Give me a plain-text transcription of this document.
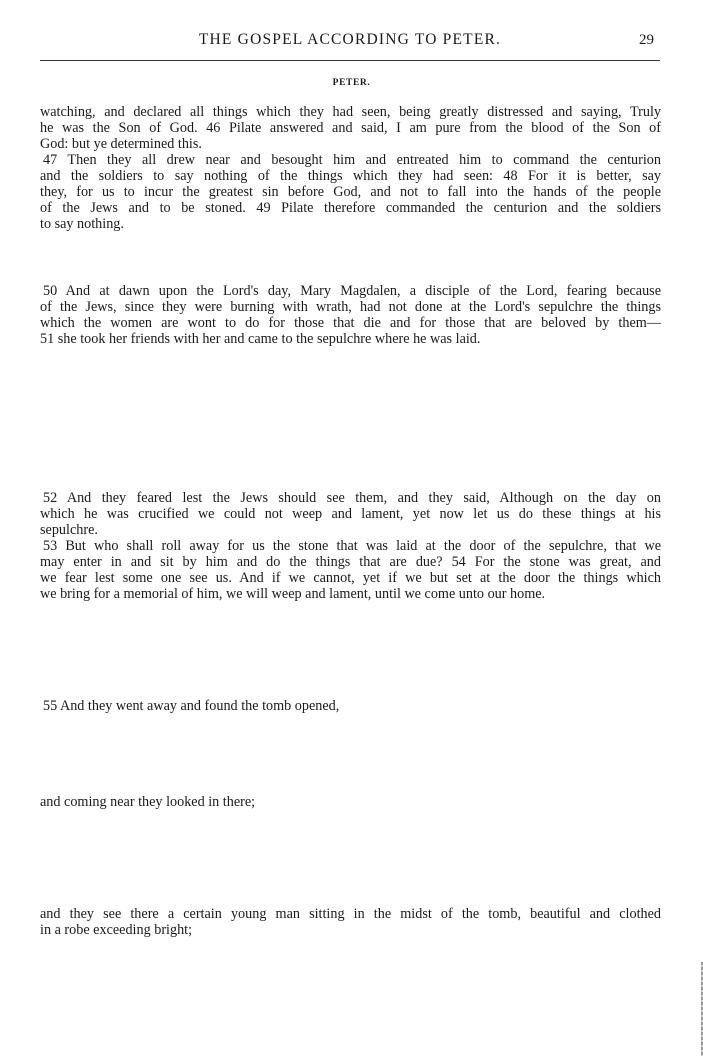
THE GOSPEL ACCORDING TO PETER.	29
PETER.
watching, and declared all things which they had seen, being greatly distressed and saying, Truly
he was the Son of God. 46 Pilate answered and said, I am pure from the blood of the Son of
God: but ye determined this.
47 Then they all drew near and besought him and entreated him to command the centurion
and the soldiers to say nothing of the things which they had seen: 48 For it is better, say
they, for us to incur the greatest sin before God, and not to fall into the hands of the people
of the Jews and to be stoned. 49 Pilate therefore commanded the centurion and the soldiers
to say nothing.
50 And at dawn upon the Lord's day, Mary Magdalen, a disciple of the Lord, fearing because
of the Jews, since they were burning with wrath, had not done at the Lord's sepulchre the things
which the women are wont to do for those that die and for those that are beloved by them—
51 she took her friends with her and came to the sepulchre where he was laid.
52 And they feared lest the Jews should see them, and they said, Although on the day on
which he was crucified we could not weep and lament, yet now let us do these things at his
sepulchre.
53 But who shall roll away for us the stone that was laid at the door of the sepulchre, that we
may enter in and sit by him and do the things that are due? 54 For the stone was great, and
we fear lest some one see us. And if we cannot, yet if we but set at the door the things which
we bring for a memorial of him, we will weep and lament, until we come unto our home.
55 And they went away and found the tomb opened,
and coming near they looked in there;
and they see there a certain young man sitting in the midst of the tomb, beautiful and clothed
in a robe exceeding bright;
